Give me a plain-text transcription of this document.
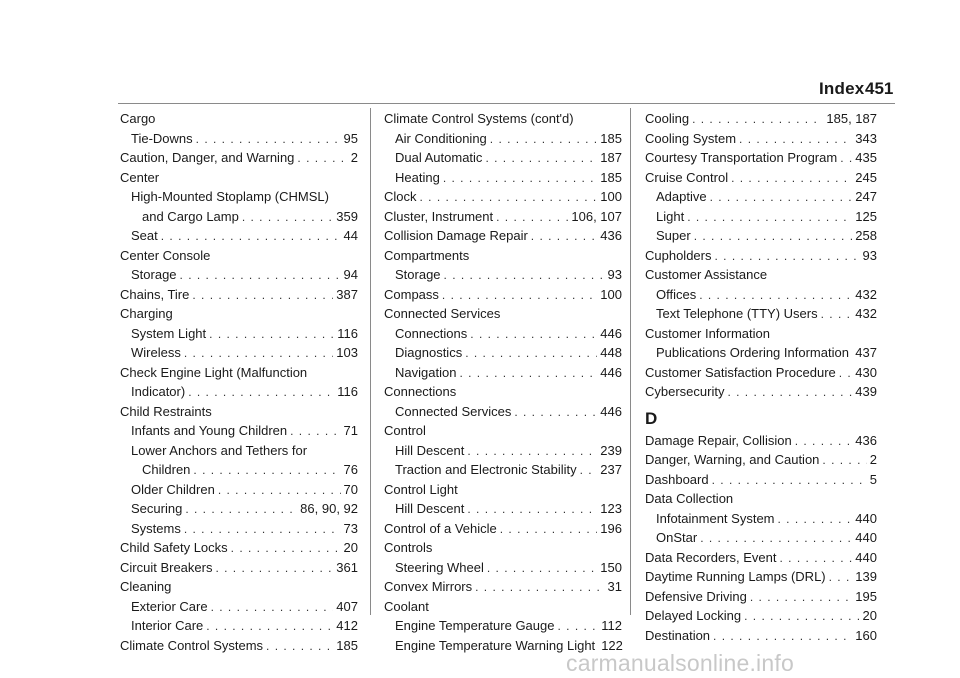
Index 451
Cargo
Tie-Downs . . .	95
Caution, Danger, and Warning . . .	2
Center
High-Mounted Stoplamp (CHMSL)
and Cargo Lamp . . .	359
Seat . . .	44
Center Console
Storage . . .	94
Chains, Tire . . .	387
Charging
System Light . . .	116
Wireless . . .	103
Check Engine Light (Malfunction
Indicator) . . .	116
Child Restraints
Infants and Young Children . . .	71
Lower Anchors and Tethers for
Children . . .	76
Older Children . . .	70
Securing . . .	86, 90, 92
Systems . . .	73
Child Safety Locks . . .	20
Circuit Breakers . . .	361
Cleaning
Exterior Care . . .	407
Interior Care . . .	412
Climate Control Systems . . .	185
Climate Control Systems (cont'd)
Air Conditioning . . .	185
Dual Automatic . . .	187
Heating . . .	185
Clock . . .	100
Cluster, Instrument . . .	106, 107
Collision Damage Repair . . .	436
Compartments
Storage . . .	93
Compass . . .	100
Connected Services
Connections . . .	446
Diagnostics . . .	448
Navigation . . .	446
Connections
Connected Services . . .	446
Control
Hill Descent . . .	239
Traction and Electronic Stability . . . 237
Control Light
Hill Descent . . .	123
Control of a Vehicle . . .	196
Controls
Steering Wheel . . .	150
Convex Mirrors . . .	31
Coolant
Engine Temperature Gauge . . .	112
Engine Temperature Warning Light 122
Cooling . . .	185, 187
Cooling System . . .	343
Courtesy Transportation Program . . . 435
Cruise Control . . .	245
Adaptive . . .	247
Light . . .	125
Super . . .	258
Cupholders . . .	93
Customer Assistance
Offices . . .	432
Text Telephone (TTY) Users . . .	432
Customer Information
Publications Ordering Information . . . 437
Customer Satisfaction Procedure . . . 430
Cybersecurity . . .	439
D
Damage Repair, Collision . . .	436
Danger, Warning, and Caution . . .	2
Dashboard . . .	5
Data Collection
Infotainment System . . .	440
OnStar . . .	440
Data Recorders, Event . . .	440
Daytime Running Lamps (DRL) . . . 139
Defensive Driving . . .	195
Delayed Locking . . .	20
Destination . . .	160
carmanualsonline.info
